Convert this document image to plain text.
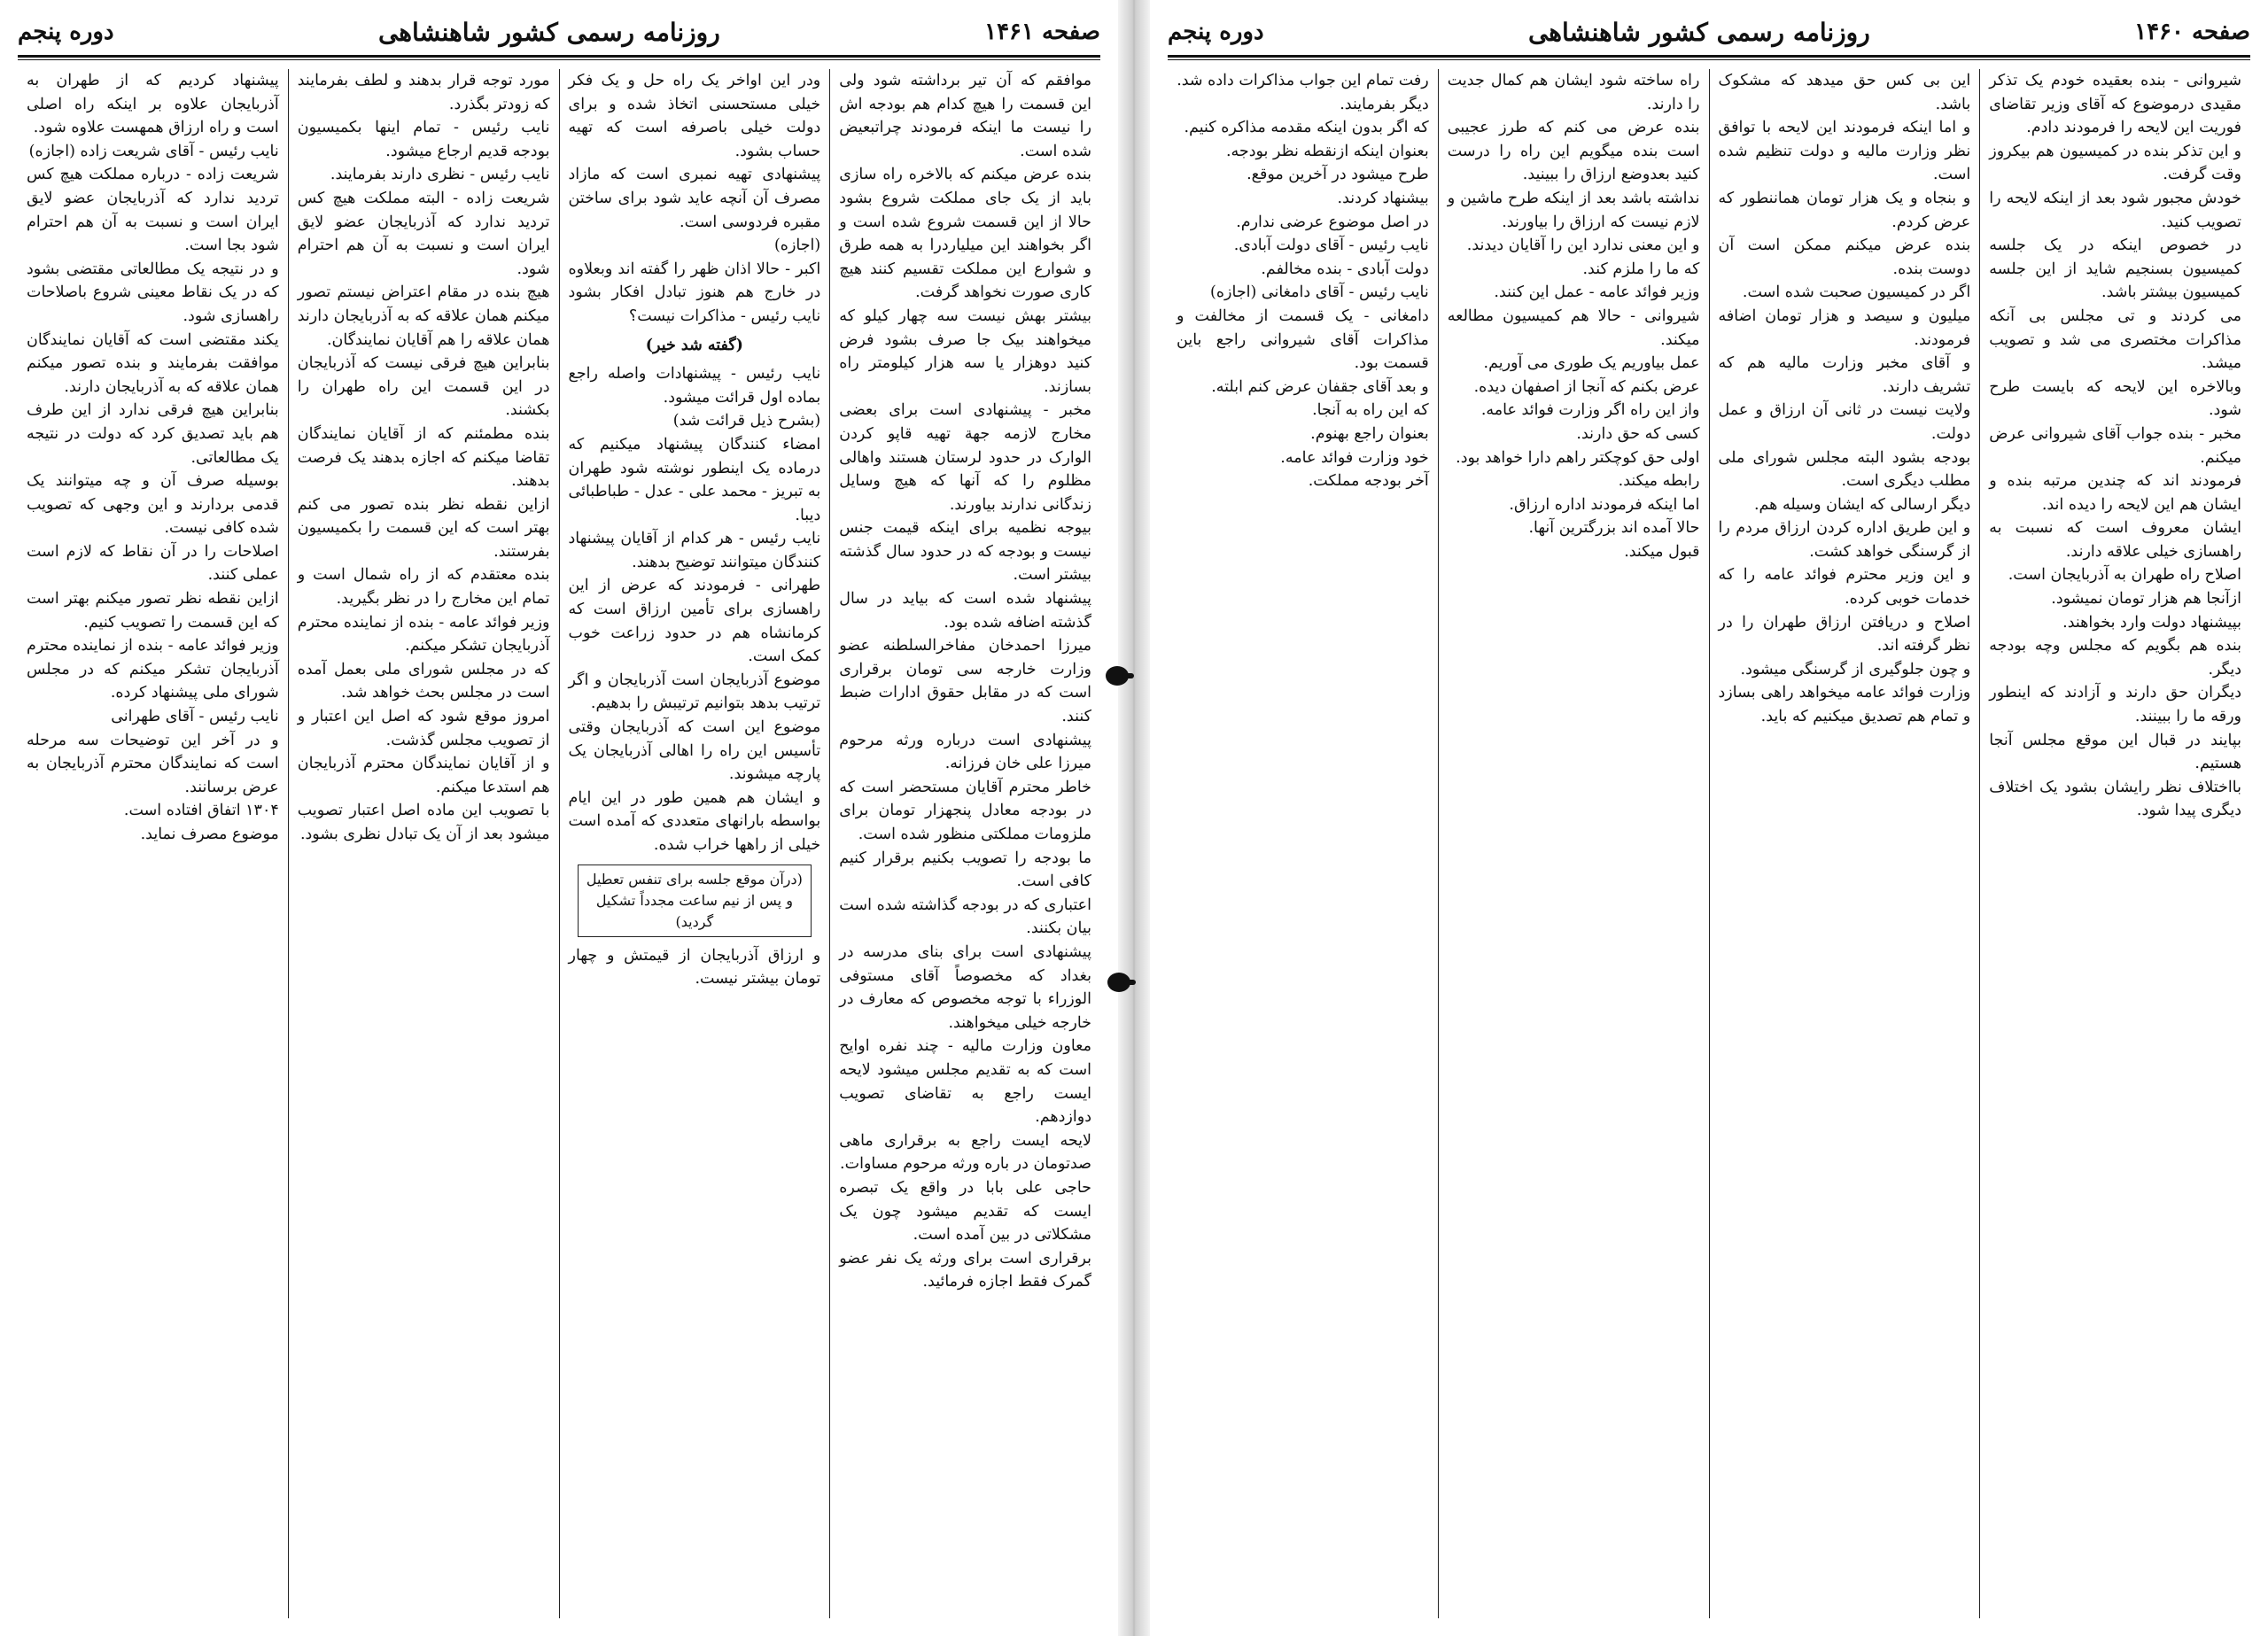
صفحه ۱۴۶۱
روزنامه رسمی کشور شاهنشاهی
دوره پنجم

موافقم که آن تیر برداشته شود ولی این قسمت را هیچ کدام هم بودجه اش را نیست ما اینکه فرمودند چراتبعیض شده است.

بنده عرض میکنم که بالاخره راه سازی باید از یک جای مملکت شروع بشود حالا از این قسمت شروع شده است و اگر بخواهند این میلیاردرا به همه طرق و شوارع این مملکت تقسیم کنند هیچ کاری صورت نخواهد گرفت.

بیشتر بهش نیست سه چهار کیلو که میخواهند بیک جا صرف بشود فرض کنید دوهزار یا سه هزار کیلومتر راه بسازند.

مخبر - پیشنهادی است برای بعضی مخارج لازمه جهة تهیه قاپو کردن الوارک در حدود لرستان هستند واهالی مظلوم را که آنها که هیچ وسایل زندگانی ندارند بیاورند.

بیوجه نظمیه برای اینکه قیمت جنس نیست و بودجه که در حدود سال گذشته بیشتر است.

پیشنهاد شده است که بیاید در سال گذشته اضافه شده بود.

میرزا احمدخان مفاخرالسلطنه عضو وزارت خارجه سی تومان برقراری است که در مقابل حقوق ادارات ضبط کنند.

پیشنهادی است درباره ورثه مرحوم میرزا علی خان فرزانه.

خاطر محترم آقایان مستحضر است که در بودجه معادل پنجهزار تومان برای ملزومات مملکتی منظور شده است.

ما بودجه را تصویب بکنیم برقرار کنیم کافی است.

اعتباری که در بودجه گذاشته شده است بیان بکنند.

پیشنهادی است برای بنای مدرسه در بغداد که مخصوصاً آقای مستوفی الوزراء با توجه مخصوص که معارف در خارجه خیلی میخواهند.

معاون وزارت مالیه - چند نفره اوایح است که به تقدیم مجلس میشود لایحه ایست راجع به تقاضای تصویب دوازدهم.

لایحه ایست راجع به برقراری ماهی صدتومان در باره ورثه مرحوم مساوات.

حاجی علی بابا در واقع یک تبصره ایست که تقدیم میشود چون یک مشکلاتی در بین آمده است.

برقراری است برای ورثه یک نفر عضو گمرک فقط اجازه فرمائید.

ودر این اواخر یک راه حل و یک فکر خیلی مستحسنی اتخاذ شده و برای دولت خیلی باصرفه است که تهیه حساب بشود.

پیشنهادی تهیه نمبری است که مازاد مصرف آن آنچه عاید شود برای ساختن مقبره فردوسی است.

(اجازه)

اکبر - حالا اذان ظهر را گفته اند وبعلاوه در خارج هم هنوز تبادل افکار بشود نایب رئیس - مذاکرات نیست؟

(گفته شد خیر)

نایب رئیس - پیشنهادات واصله راجع بماده اول قرائت میشود.

(بشرح ذیل قرائت شد)

امضاء کنندگان پیشنهاد میکنیم که درماده یک اینطور نوشته شود طهران به تبریز - محمد علی - عدل - طباطبائی دیبا.

نایب رئیس - هر کدام از آقایان پیشنهاد کنندگان میتوانند توضیح بدهند.

طهرانی - فرمودند که عرض از این راهسازی برای تأمین ارزاق است که کرمانشاه هم در حدود زراعت خوب کمک است.

موضوع آذربایجان است آذربایجان و اگر ترتیب بدهد بتوانیم ترتیبش را بدهیم.

موضوع این است که آذربایجان وقتی تأسیس این راه را اهالی آذربایجان یک پارچه میشوند.

و ایشان هم همین طور در این ایام بواسطه بارانهای متعددی که آمده است خیلی از راهها خراب شده.

(درآن موقع جلسه برای تنفس تعطیل و پس از نیم ساعت مجدداً تشکیل گردید)

و ارزاق آذربایجان از قیمتش و چهار تومان بیشتر نیست.

مورد توجه قرار بدهند و لطف بفرمایند که زودتر بگذرد.

نایب رئیس - تمام اینها بکمیسیون بودجه قدیم ارجاع میشود.

نایب رئیس - نظری دارند بفرمایند.

شریعت زاده - البته مملکت هیچ کس تردید ندارد که آذربایجان عضو لایق ایران است و نسبت به آن هم احترام شود.

هیچ بنده در مقام اعتراض نیستم تصور میکنم همان علاقه که به آذربایجان دارند همان علاقه را هم آقایان نمایندگان.

بنابراین هیچ فرقی نیست که آذربایجان در این قسمت این راه طهران را بکشند.

بنده مطمئنم که از آقایان نمایندگان تقاضا میکنم که اجازه بدهند یک فرصت بدهند.

ازاین نقطه نظر بنده تصور می کنم بهتر است که این قسمت را بکمیسیون بفرستند.

بنده معتقدم که از راه شمال است و تمام این مخارج را در نظر بگیرید.

وزیر فوائد عامه - بنده از نماینده محترم آذربایجان تشکر میکنم.

که در مجلس شورای ملی بعمل آمده است در مجلس بحث خواهد شد.

امروز موقع شود که اصل این اعتبار و از تصویب مجلس گذشت.

و از آقایان نمایندگان محترم آذربایجان هم استدعا میکنم.

با تصویب این ماده اصل اعتبار تصویب میشود بعد از آن یک تبادل نظری بشود.

پیشنهاد کردیم که از طهران به آذربایجان علاوه بر اینکه راه اصلی است و راه ارزاق همهست علاوه شود.

نایب رئیس - آقای شریعت زاده (اجازه)

شریعت زاده - درباره مملکت هیچ کس تردید ندارد که آذربایجان عضو لایق ایران است و نسبت به آن هم احترام شود بجا است.

و در نتیجه یک مطالعاتی مقتضی بشود که در یک نقاط معینی شروع باصلاحات راهسازی شود.

یکند مقتضی است که آقایان نمایندگان موافقت بفرمایند و بنده تصور میکنم همان علاقه که به آذربایجان دارند.

بنابراین هیچ فرقی ندارد از این طرف هم باید تصدیق کرد که دولت در نتیجه یک مطالعاتی.

بوسیله صرف آن و چه میتوانند یک قدمی بردارند و این وجهی که تصویب شده کافی نیست.

اصلاحات را در آن نقاط که لازم است عملی کنند.

ازاین نقطه نظر تصور میکنم بهتر است که این قسمت را تصویب کنیم.

وزیر فوائد عامه - بنده از نماینده محترم آذربایجان تشکر میکنم که در مجلس شورای ملی پیشنهاد کرده.

نایب رئیس - آقای طهرانی

و در آخر این توضیحات سه مرحله است که نمایندگان محترم آذربایجان به عرض برسانند.

۱۳۰۴ اتفاق افتاده است.

موضوع مصرف نماید.

صفحه ۱۴۶۰
روزنامه رسمی کشور شاهنشاهی
دوره پنجم

شیروانی - بنده بعقیده خودم یک تذکر مقیدی درموضوع که آقای وزیر تقاضای فوریت این لایحه را فرمودند دادم.

و این تذکر بنده در کمیسیون هم بیکروز وقت گرفت.

خودش مجبور شود بعد از اینکه لایحه را تصویب کنید.

در خصوص اینکه در یک جلسه کمیسیون بسنجیم شاید از این جلسه کمیسیون بیشتر باشد.

می کردند و تی مجلس بی آنکه مذاکرات مختصری می شد و تصویب میشد.

وبالاخره این لایحه که بایست طرح شود.

مخبر - بنده جواب آقای شیروانی عرض میکنم.

فرمودند اند که چندین مرتبه بنده و ایشان هم این لایحه را دیده اند.

ایشان معروف است که نسبت به راهسازی خیلی علاقه دارند.

اصلاح راه طهران به آذربایجان است.

ازآنجا هم هزار تومان نمیشود.

بپیشنهاد دولت وارد بخواهند.

بنده هم بگویم که مجلس وچه بودجه دیگر.

دیگران حق دارند و آزادند که اینطور ورقه ما را ببینند.

بپایند در قبال این موقع مجلس آنجا هستیم.

بااختلاف نظر رایشان بشود یک اختلاف دیگری پیدا شود.

این بی کس حق میدهد که مشکوک باشد.

و اما اینکه فرمودند این لایحه با توافق نظر وزارت مالیه و دولت تنظیم شده است.

و بنجاه و یک هزار تومان هماننطور که عرض کردم.

بنده عرض میکنم ممکن است آن دوست بنده.

اگر در کمیسیون صحبت شده است.

میلیون و سیصد و هزار تومان اضافه فرمودند.

و آقای مخبر وزارت مالیه هم که تشریف دارند.

ولایت نیست در ثانی آن ارزاق و عمل دولت.

بودجه بشود البته مجلس شورای ملی مطلب دیگری است.

دیگر ارسالی که ایشان وسیله هم.

و این طریق اداره کردن ارزاق مردم را از گرسنگی خواهد کشت.

و این وزیر محترم فوائد عامه را که خدمات خوبی کرده.

اصلاح و دریافتن ارزاق طهران را در نظر گرفته اند.

و چون جلوگیری از گرسنگی میشود.

وزارت فوائد عامه میخواهد راهی بسازد و تمام هم تصدیق میکنیم که باید.

راه ساخته شود ایشان هم کمال جدیت را دارند.

بنده عرض می کنم که طرز عجیبی است بنده میگویم این راه را درست کنید بعدوضع ارزاق را ببینید.

نداشته باشد بعد از اینکه طرح ماشین و لازم نیست که ارزاق را بیاورند.

و این معنی ندارد این را آقایان دیدند.

که ما را ملزم کند.

وزیر فوائد عامه - عمل این کنند.

شیروانی - حالا هم کمیسیون مطالعه میکند.

عمل بیاوریم یک طوری می آوریم.

عرض بکنم که آنجا از اصفهان دیده.

واز این راه اگر وزارت فوائد عامه.

کسی که حق دارند.

اولی حق کوچکتر راهم دارا خواهد بود.

رابطه میکند.

اما اینکه فرمودند اداره ارزاق.

حالا آمده اند بزرگترین آنها.

قبول میکند.

رفت تمام این جواب مذاکرات داده شد.

دیگر بفرمایند.

که اگر بدون اینکه مقدمه مذاکره کنیم.

بعنوان اینکه ازنقطه نظر بودجه.

طرح میشود در آخرین موقع.

بیشنهاد کردند.

در اصل موضوع عرضی ندارم.

نایب رئیس - آقای دولت آبادی.

دولت آبادی - بنده مخالفم.

نایب رئیس - آقای دامغانی (اجازه)

دامغانی - یک قسمت از مخالفت و مذاکرات آقای شیروانی راجع باین قسمت بود.

و بعد آقای جقفان عرض کنم ابلته.

که این راه به آنجا.

بعنوان راجع بهنوم.

خود وزارت فوائد عامه.

آخر بودجه مملکت.
